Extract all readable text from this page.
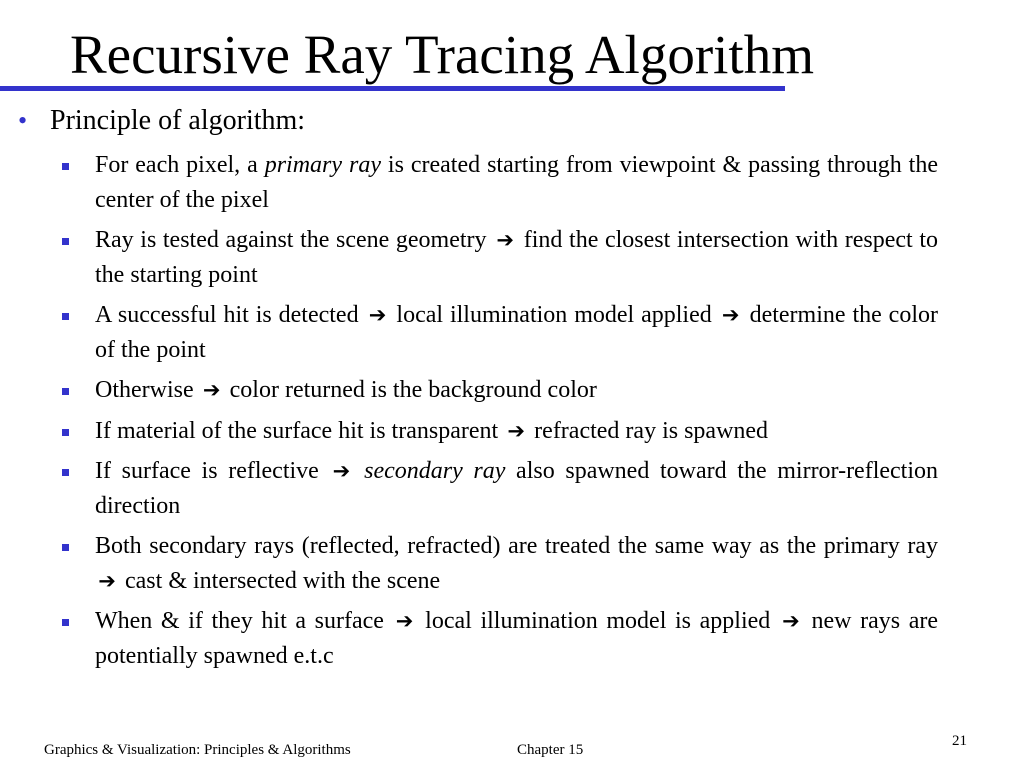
Recursive Ray Tracing Algorithm
• Principle of algorithm:
For each pixel, a primary ray is created starting from viewpoint & passing through the center of the pixel
Ray is tested against the scene geometry ➔ find the closest intersection with respect to the starting point
A successful hit is detected ➔ local illumination model applied ➔ determine the color of the point
Otherwise ➔ color returned is the background color
If material of the surface hit is transparent ➔ refracted ray is spawned
If surface is reflective ➔ secondary ray also spawned toward the mirror-reflection direction
Both secondary rays (reflected, refracted) are treated the same way as the primary ray ➔ cast & intersected with the scene
When & if they hit a surface ➔ local illumination model is applied ➔ new rays are potentially spawned e.t.c
Graphics & Visualization: Principles & Algorithms	Chapter 15
21
